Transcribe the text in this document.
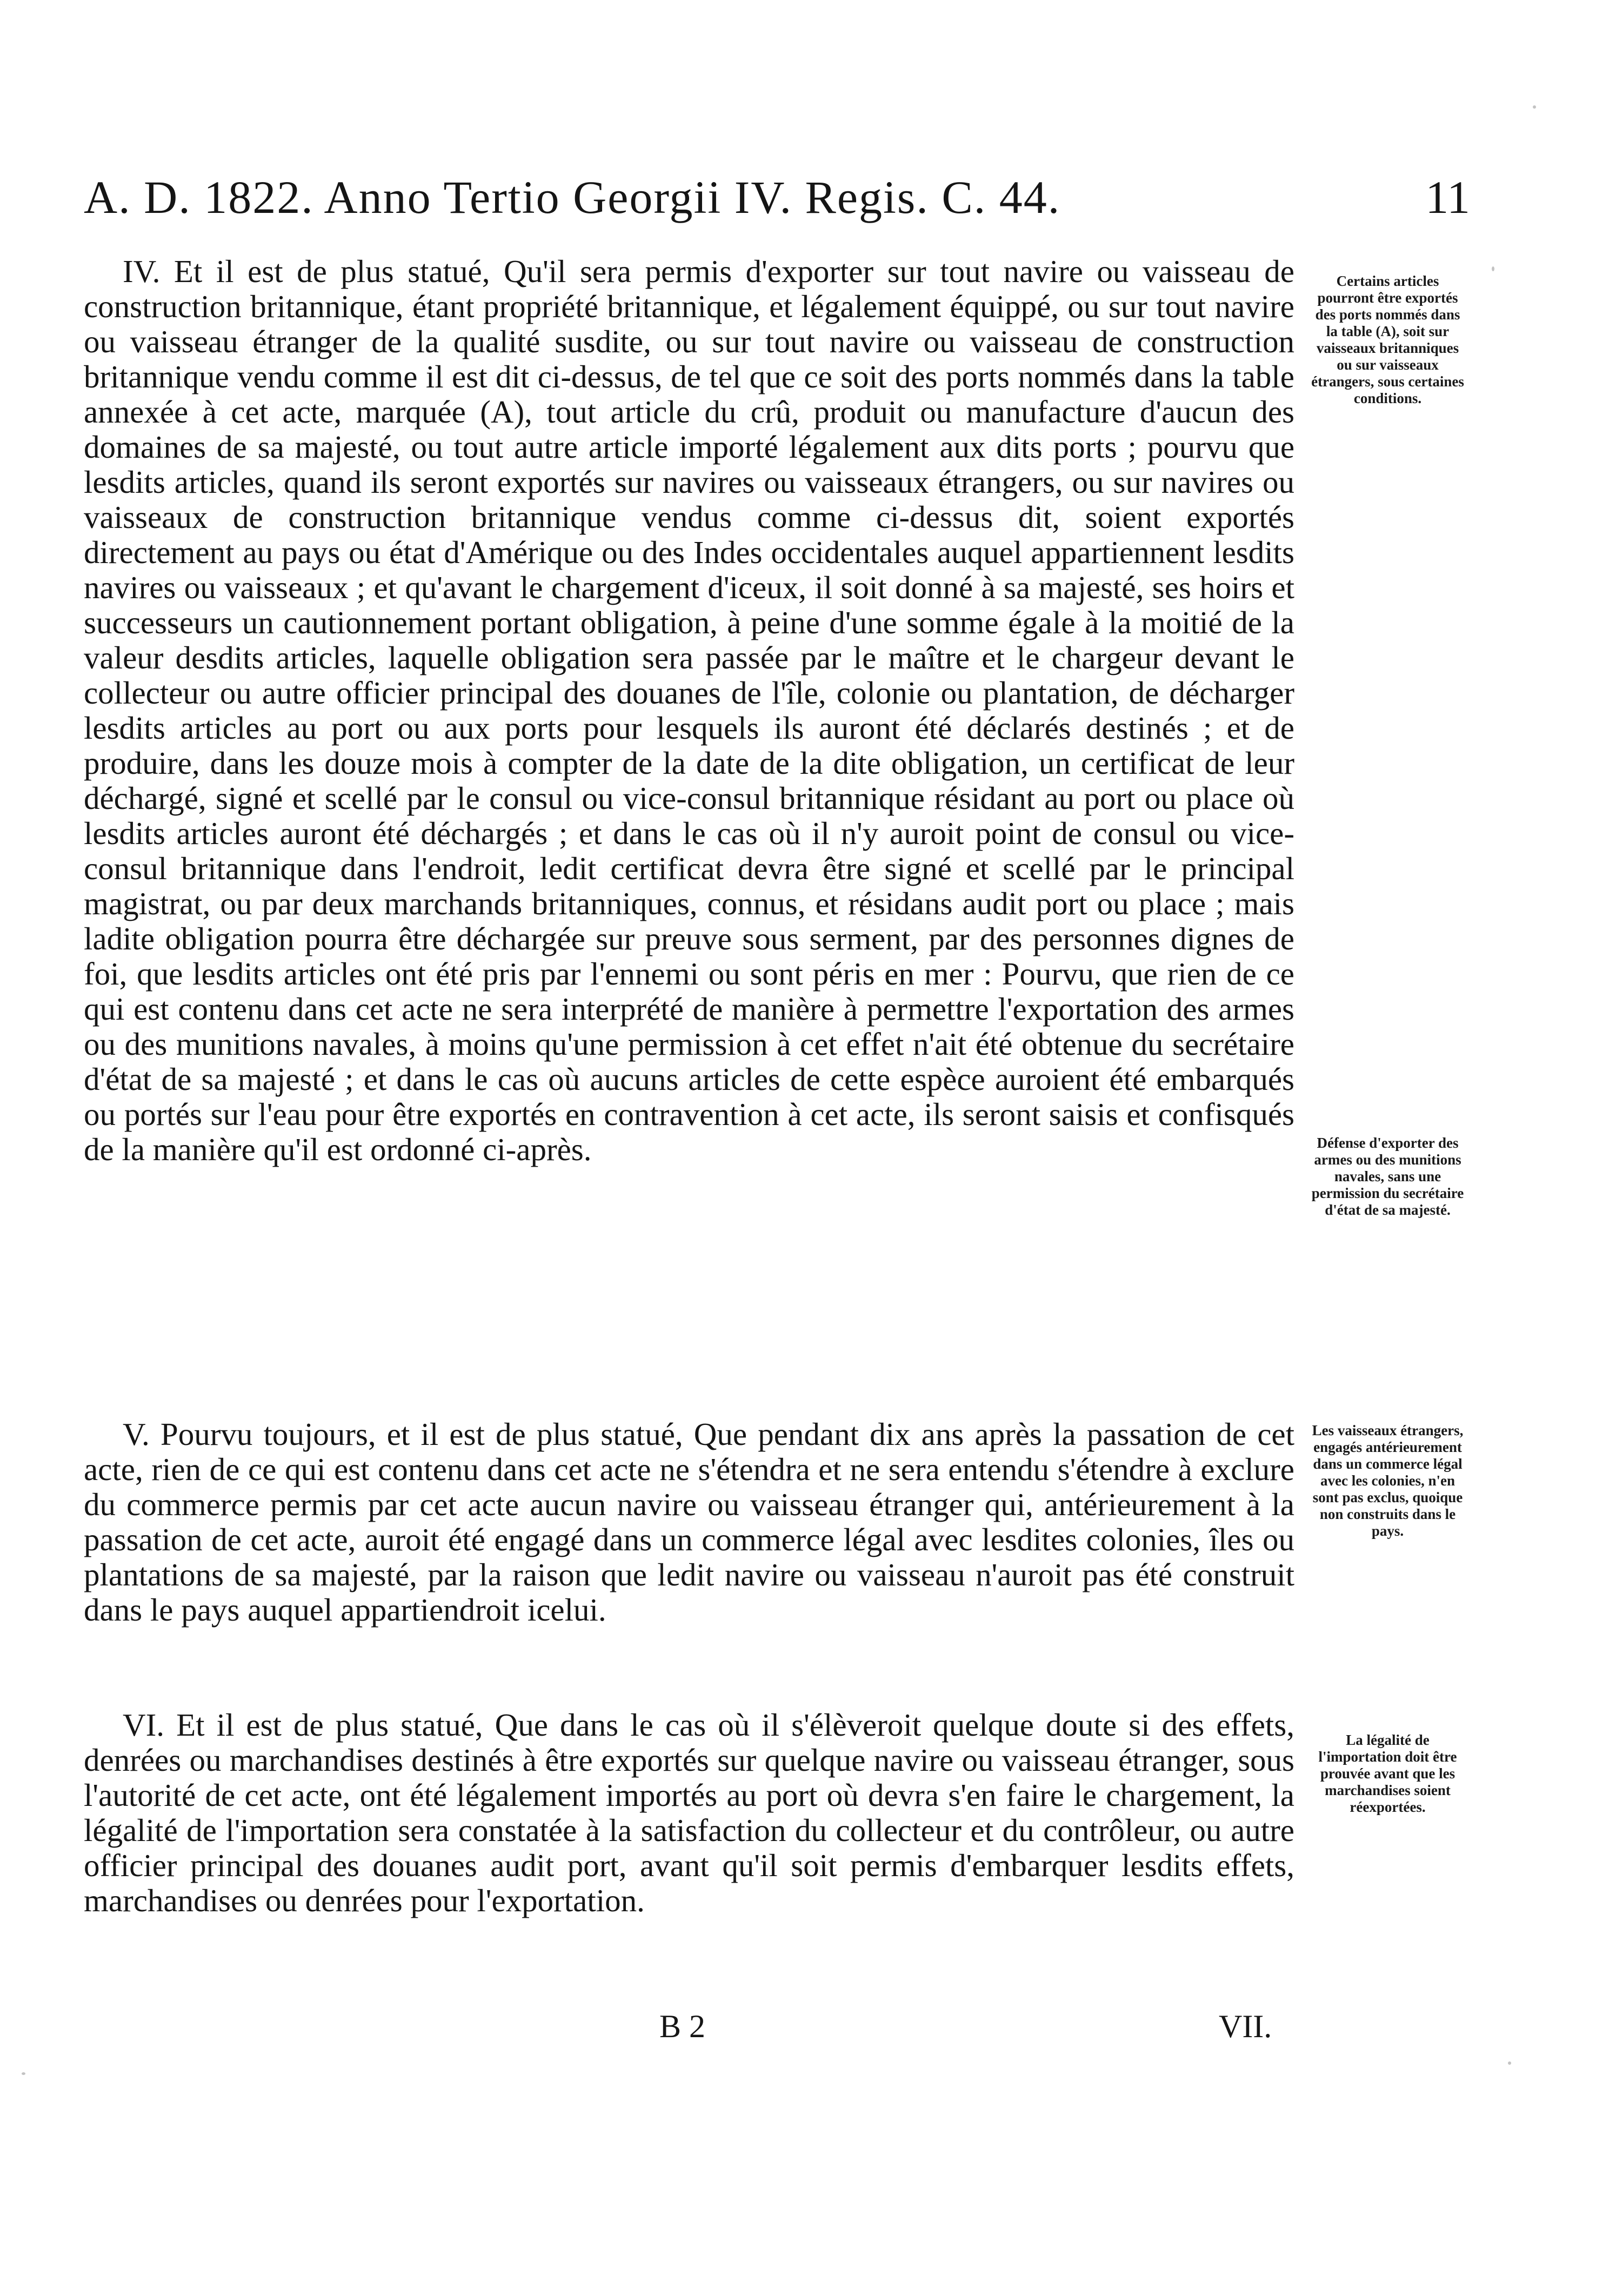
A. D. 1822. Anno Tertio Georgii IV. Regis. C. 44.	11

IV. Et il est de plus statué, Qu'il sera permis d'exporter sur tout navire ou vaisseau de construction britannique, étant propriété britannique, et légalement équippé, ou sur tout navire ou vaisseau étranger de la qualité susdite, ou sur tout navire ou vaisseau de construction britannique vendu comme il est dit ci-dessus, de tel que ce soit des ports nommés dans la table annexée à cet acte, marquée (A), tout article du crû, produit ou manufacture d'aucun des domaines de sa majesté, ou tout autre article importé légalement aux dits ports ; pourvu que lesdits articles, quand ils seront exportés sur navires ou vaisseaux étrangers, ou sur navires ou vaisseaux de construction britannique vendus comme ci-dessus dit, soient exportés directement au pays ou état d'Amérique ou des Indes occidentales auquel appartiennent lesdits navires ou vaisseaux ; et qu'avant le chargement d'iceux, il soit donné à sa majesté, ses hoirs et successeurs un cautionnement portant obligation, à peine d'une somme égale à la moitié de la valeur desdits articles, laquelle obligation sera passée par le maître et le chargeur devant le collecteur ou autre officier principal des douanes de l'île, colonie ou plantation, de décharger lesdits articles au port ou aux ports pour lesquels ils auront été déclarés destinés ; et de produire, dans les douze mois à compter de la date de la dite obligation, un certificat de leur déchargé, signé et scellé par le consul ou vice-consul britannique résidant au port ou place où lesdits articles auront été déchargés ; et dans le cas où il n'y auroit point de consul ou vice-consul britannique dans l'endroit, ledit certificat devra être signé et scellé par le principal magistrat, ou par deux marchands britanniques, connus, et résidans audit port ou place ; mais ladite obligation pourra être déchargée sur preuve sous serment, par des personnes dignes de foi, que lesdits articles ont été pris par l'ennemi ou sont péris en mer : Pourvu, que rien de ce qui est contenu dans cet acte ne sera interprété de manière à permettre l'exportation des armes ou des munitions navales, à moins qu'une permission à cet effet n'ait été obtenue du secrétaire d'état de sa majesté ; et dans le cas où aucuns articles de cette espèce auroient été embarqués ou portés sur l'eau pour être exportés en contravention à cet acte, ils seront saisis et confisqués de la manière qu'il est ordonné ci-après.

Certains articles pourront être exportés des ports nommés dans la table (A), soit sur vaisseaux britanniques ou sur vaisseaux étrangers, sous certaines conditions.
Défense d'exporter des armes ou des munitions navales, sans une permission du secrétaire d'état de sa majesté.

V. Pourvu toujours, et il est de plus statué, Que pendant dix ans après la passation de cet acte, rien de ce qui est contenu dans cet acte ne s'étendra et ne sera entendu s'étendre à exclure du commerce permis par cet acte aucun navire ou vaisseau étranger qui, antérieurement à la passation de cet acte, auroit été engagé dans un commerce légal avec lesdites colonies, îles ou plantations de sa majesté, par la raison que ledit navire ou vaisseau n'auroit pas été construit dans le pays auquel appartiendroit icelui.

Les vaisseaux étrangers, engagés antérieurement dans un commerce légal avec les colonies, n'en sont pas exclus, quoique non construits dans le pays.

VI. Et il est de plus statué, Que dans le cas où il s'élèveroit quelque doute si des effets, denrées ou marchandises destinés à être exportés sur quelque navire ou vaisseau étranger, sous l'autorité de cet acte, ont été légalement importés au port où devra s'en faire le chargement, la légalité de l'importation sera constatée à la satisfaction du collecteur et du contrôleur, ou autre officier principal des douanes audit port, avant qu'il soit permis d'embarquer lesdits effets, marchandises ou denrées pour l'exportation.

La légalité de l'importation doit être prouvée avant que les marchandises soient réexportées.
B 2	VII.
